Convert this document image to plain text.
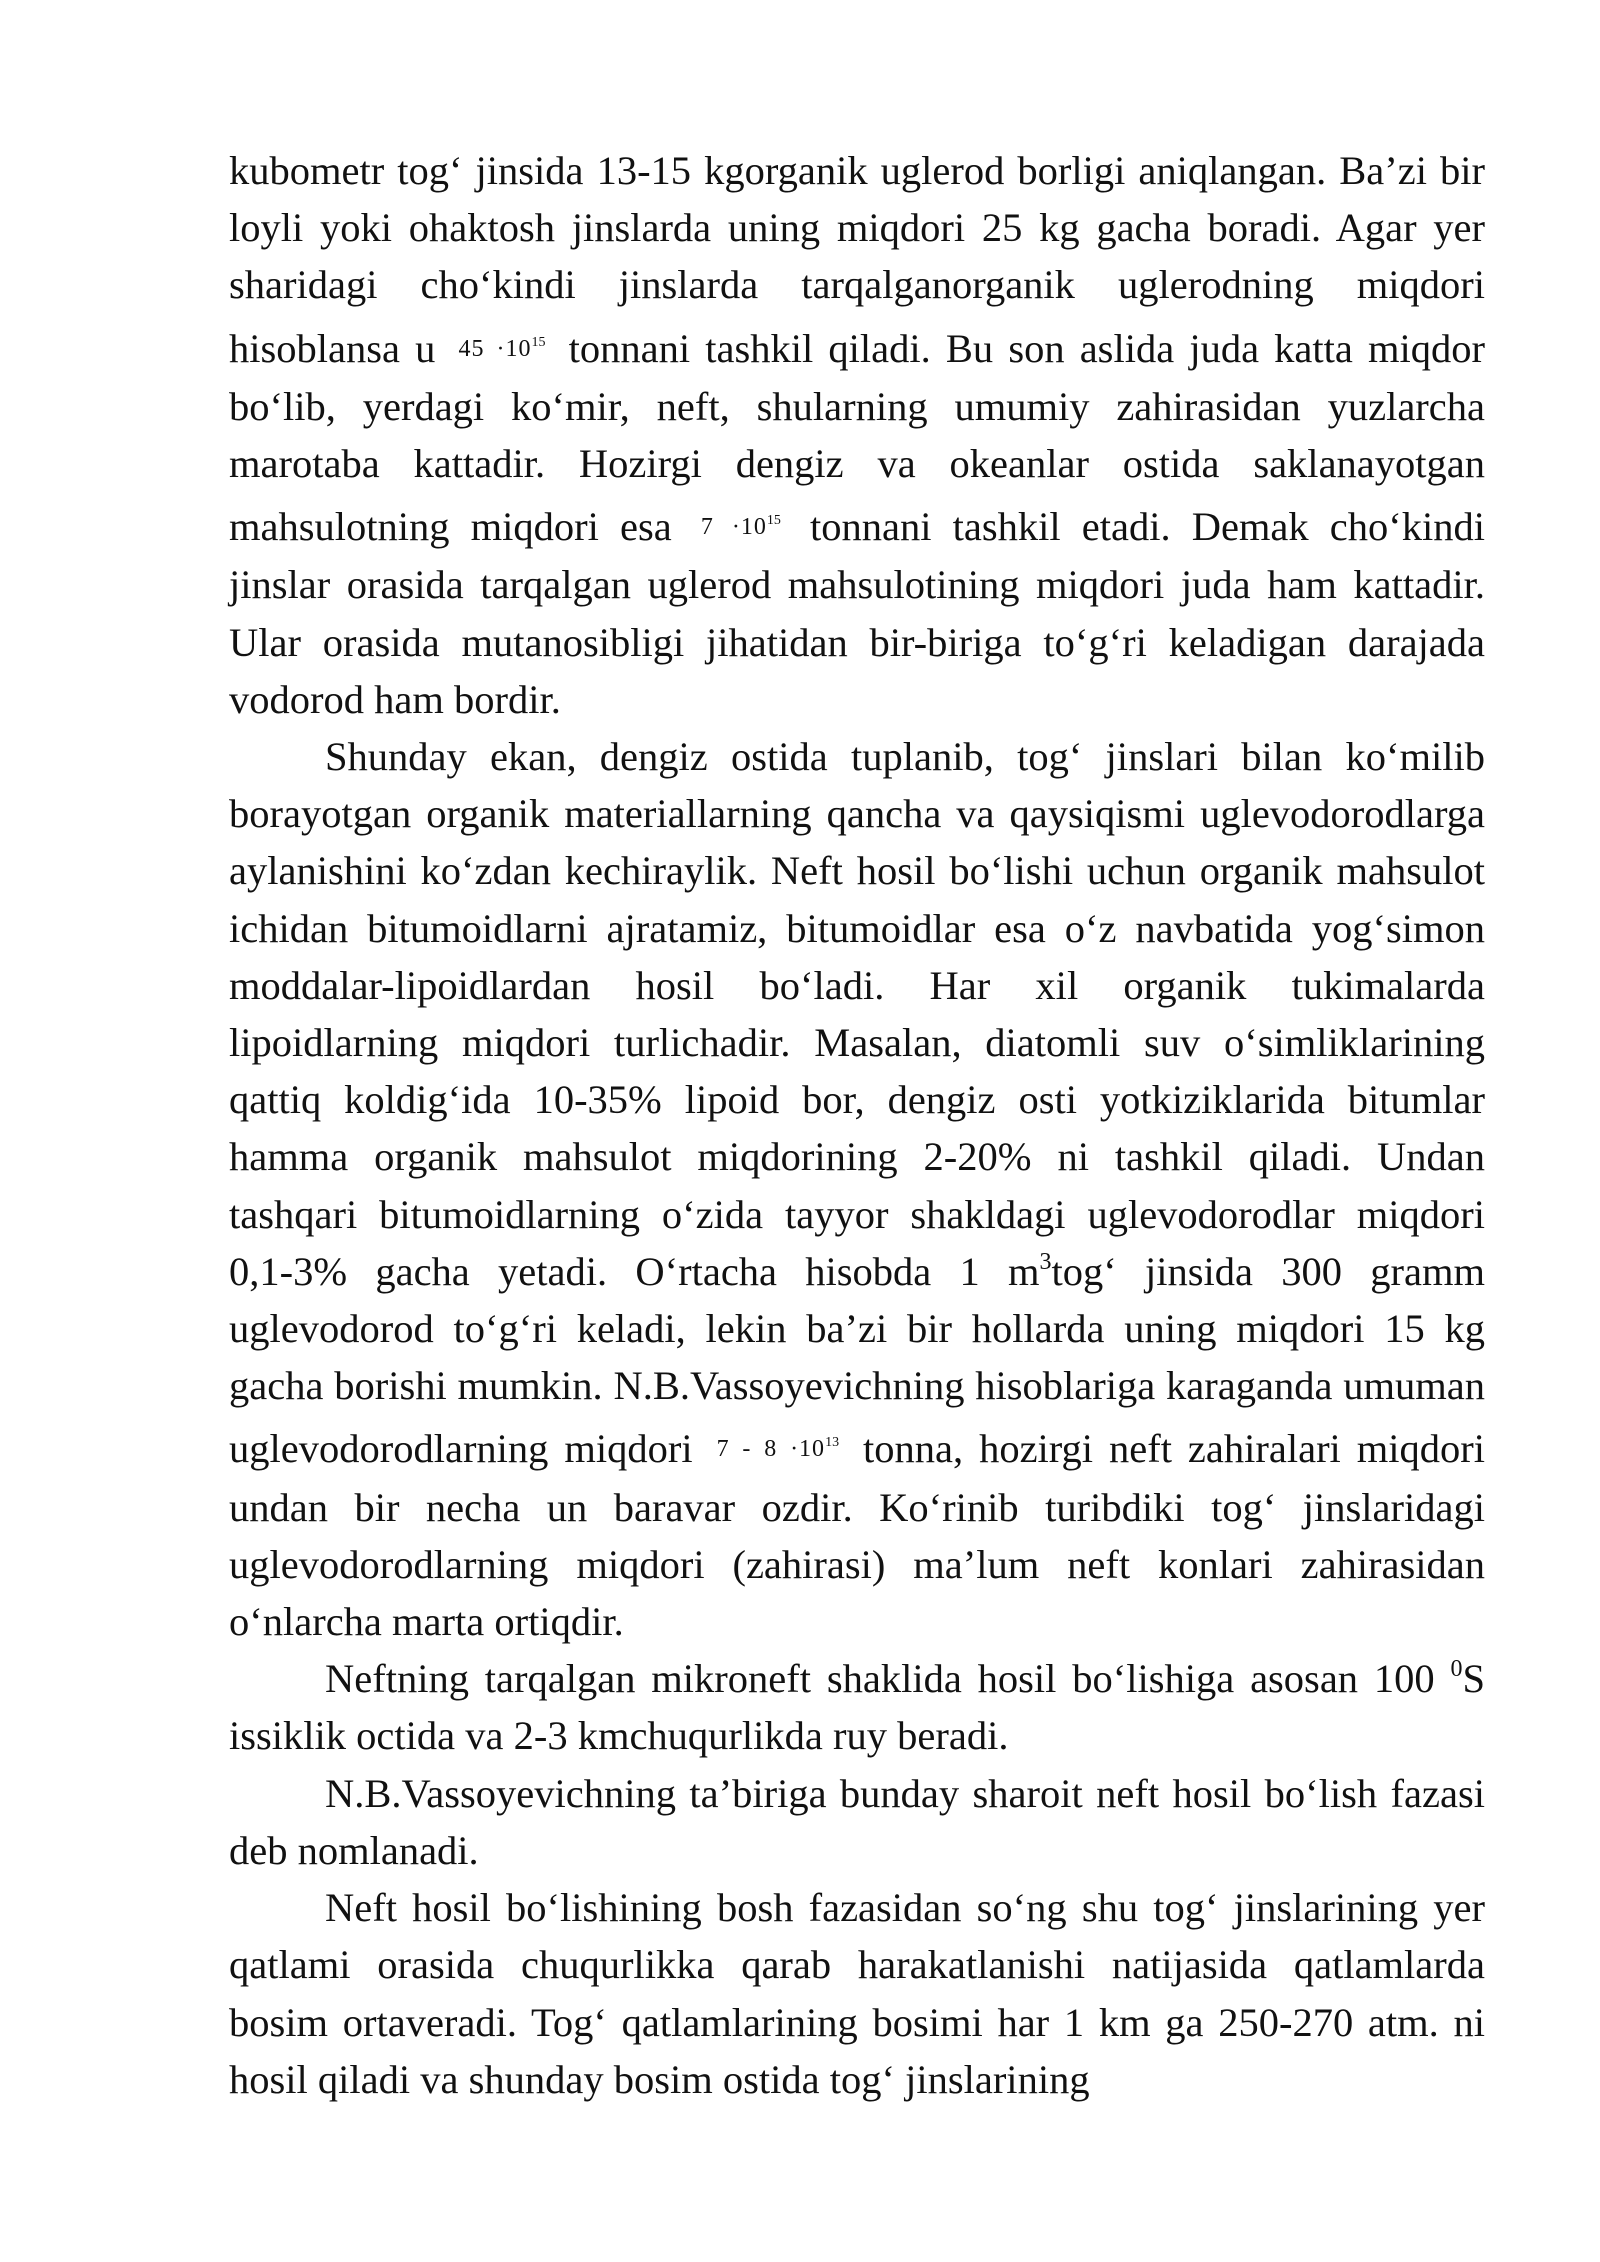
kubometr tog‘ jinsida 13-15 kgorganik uglerod borligi aniqlangan. Ba’zi bir loyli yoki ohaktosh jinslarda uning miqdori 25 kg gacha boradi. Agar yer sharidagi cho‘kindi jinslarda tarqalganorganik uglerodning miqdori hisoblansa u $45 \cdot 10^{15}$ tonnani tashkil qiladi. Bu son aslida juda katta miqdor bo‘lib, yerdagi ko‘mir, neft, shularning umumiy zahirasidan yuzlarcha marotaba kattadir. Hozirgi dengiz va okeanlar ostida saklanayotgan mahsulotning miqdori esa $7 \cdot 10^{15}$ tonnani tashkil etadi. Demak cho‘kindi jinslar orasida tarqalgan uglerod mahsulotining miqdori juda ham kattadir. Ular orasida mutanosibligi jihatidan bir-biriga to‘g‘ri keladigan darajada vodorod ham bordir.

Shunday ekan, dengiz ostida tuplanib, tog‘ jinslari bilan ko‘milib borayotgan organik materiallarning qancha va qaysiqismi uglevodorodlarga aylanishini ko‘zdan kechiraylik. Neft hosil bo‘lishi uchun organik mahsulot ichidan bitumoidlarni ajratamiz, bitumoidlar esa o‘z navbatida yog‘simon moddalar-lipoidlardan hosil bo‘ladi. Har xil organik tukimalarda lipoidlarning miqdori turlichadir. Masalan, diatomli suv o‘simliklarining qattiq koldig‘ida 10-35% lipoid bor, dengiz osti yotkiziklarida bitumlar hamma organik mahsulot miqdorining 2-20% ni tashkil qiladi. Undan tashqari bitumoidlarning o‘zida tayyor shakldagi uglevodorodlar miqdori 0,1-3% gacha yetadi. O‘rtacha hisobda 1 $m^3tog‘$ jinsida 300 gramm uglevodorod to‘g‘ri keladi, lekin ba’zi bir hollarda uning miqdori 15 kg gacha borishi mumkin. N.B.Vassoyevichning hisoblariga karaganda umuman uglevodorodlarning miqdori $7 - 8 \cdot 10^{13}$ tonna, hozirgi neft zahiralari miqdori undan bir necha un baravar ozdir. Ko‘rinib turibdiki tog‘ jinslaridagi uglevodorodlarning miqdori (zahirasi) ma’lum neft konlari zahirasidan o‘nlarcha marta ortiqdir.

Neftning tarqalgan mikroneft shaklida hosil bo‘lishiga asosan 100 $^0$S issiklik octida va 2-3 kmchuqurlikda ruy beradi.

N.B.Vassoyevichning ta’biriga bunday sharoit neft hosil bo‘lish fazasi deb nomlanadi.

Neft hosil bo‘lishining bosh fazasidan so‘ng shu tog‘ jinslarining yer qatlami orasida chuqurlikka qarab harakatlanishi natijasida qatlamlarda bosim ortaveradi. Tog‘ qatlamlarining bosimi har 1 km ga 250-270 atm. ni hosil qiladi va shunday bosim ostida tog‘ jinslarining
